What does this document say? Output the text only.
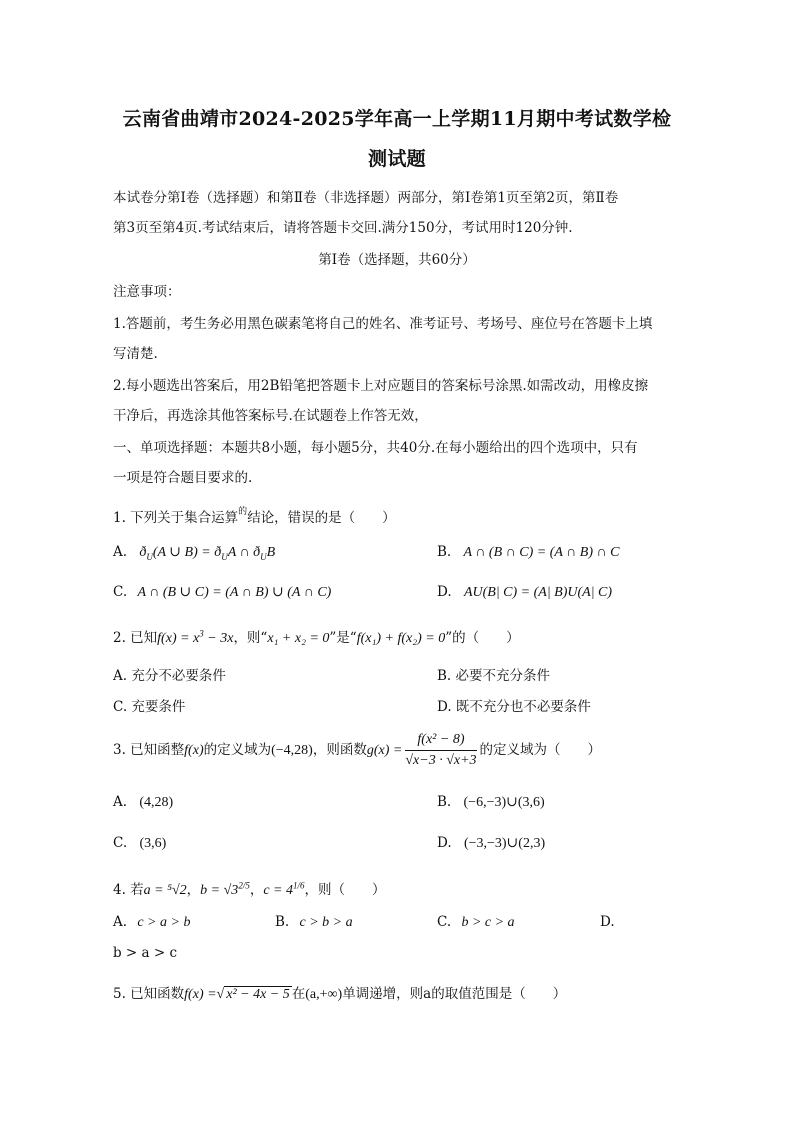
云南省曲靖市2024-2025学年高一上学期11月期中考试数学检
测试题
本试卷分第Ⅰ卷（选择题）和第Ⅱ卷（非选择题）两部分，第Ⅰ卷第1页至第2页，第Ⅱ卷
第3页至第4页.考试结束后，请将答题卡交回.满分150分，考试用时120分钟.
第Ⅰ卷（选择题，共60分）
注意事项：
1.答题前，考生务必用黑色碳素笔将自己的姓名、准考证号、考场号、座位号在答题卡上填
写清楚.
2.每小题选出答案后，用2B铅笔把答题卡上对应题目的答案标号涂黑.如需改动，用橡皮擦
干净后，再选涂其他答案标号.在试题卷上作答无效，
一、单项选择题：本题共8小题，每小题5分，共40分.在每小题给出的四个选项中，只有
一项是符合题目要求的.
1. 下列关于集合运算$^的$结论，错误的是（　　）
A. $ð_U(A$ ∪ $B) = ð_UA$ ∩ $ð_UB$	B. A ∩ (B ∩ C) = (A ∩ B) ∩ C
C. A ∩ (B ∪ C) = (A ∩ B) ∪ (A ∩ C)	D. AU(B| C) = (A| B)U(A| C)
2. 已知$f(x) = x^3 - 3x$，则“x₁ + x₂ = 0”是“f(x₁) + f(x₂) = 0”的（　　）
A. 充分不必要条件	B. 必要不充分条件
C. 充要条件	D. 既不充分也不必要条件
3. 已知函整f(x)的定义域为(−4,28)，则函数$g(x) = \frac{\text{f(x² − 8)}}{√x-3 \cdot √x+3}$ 的定义域为（　　）
A. (4,28)	B. (−6,−3)∪(3,6)
C. (3,6)	D. (−3,−3)∪(2,3)
4. 若a = ⁵√2，$b = √3^{2/5}$，$c = 4^{1/6}$，则（　　）
A. c > a > b	B. c > b > a	C. b > c > a	D.
b > a > c
5. 已知函数f(x) =√ x² − 4x − 5 在(a,+∞)单调递增，则a的取值范围是（　　）
